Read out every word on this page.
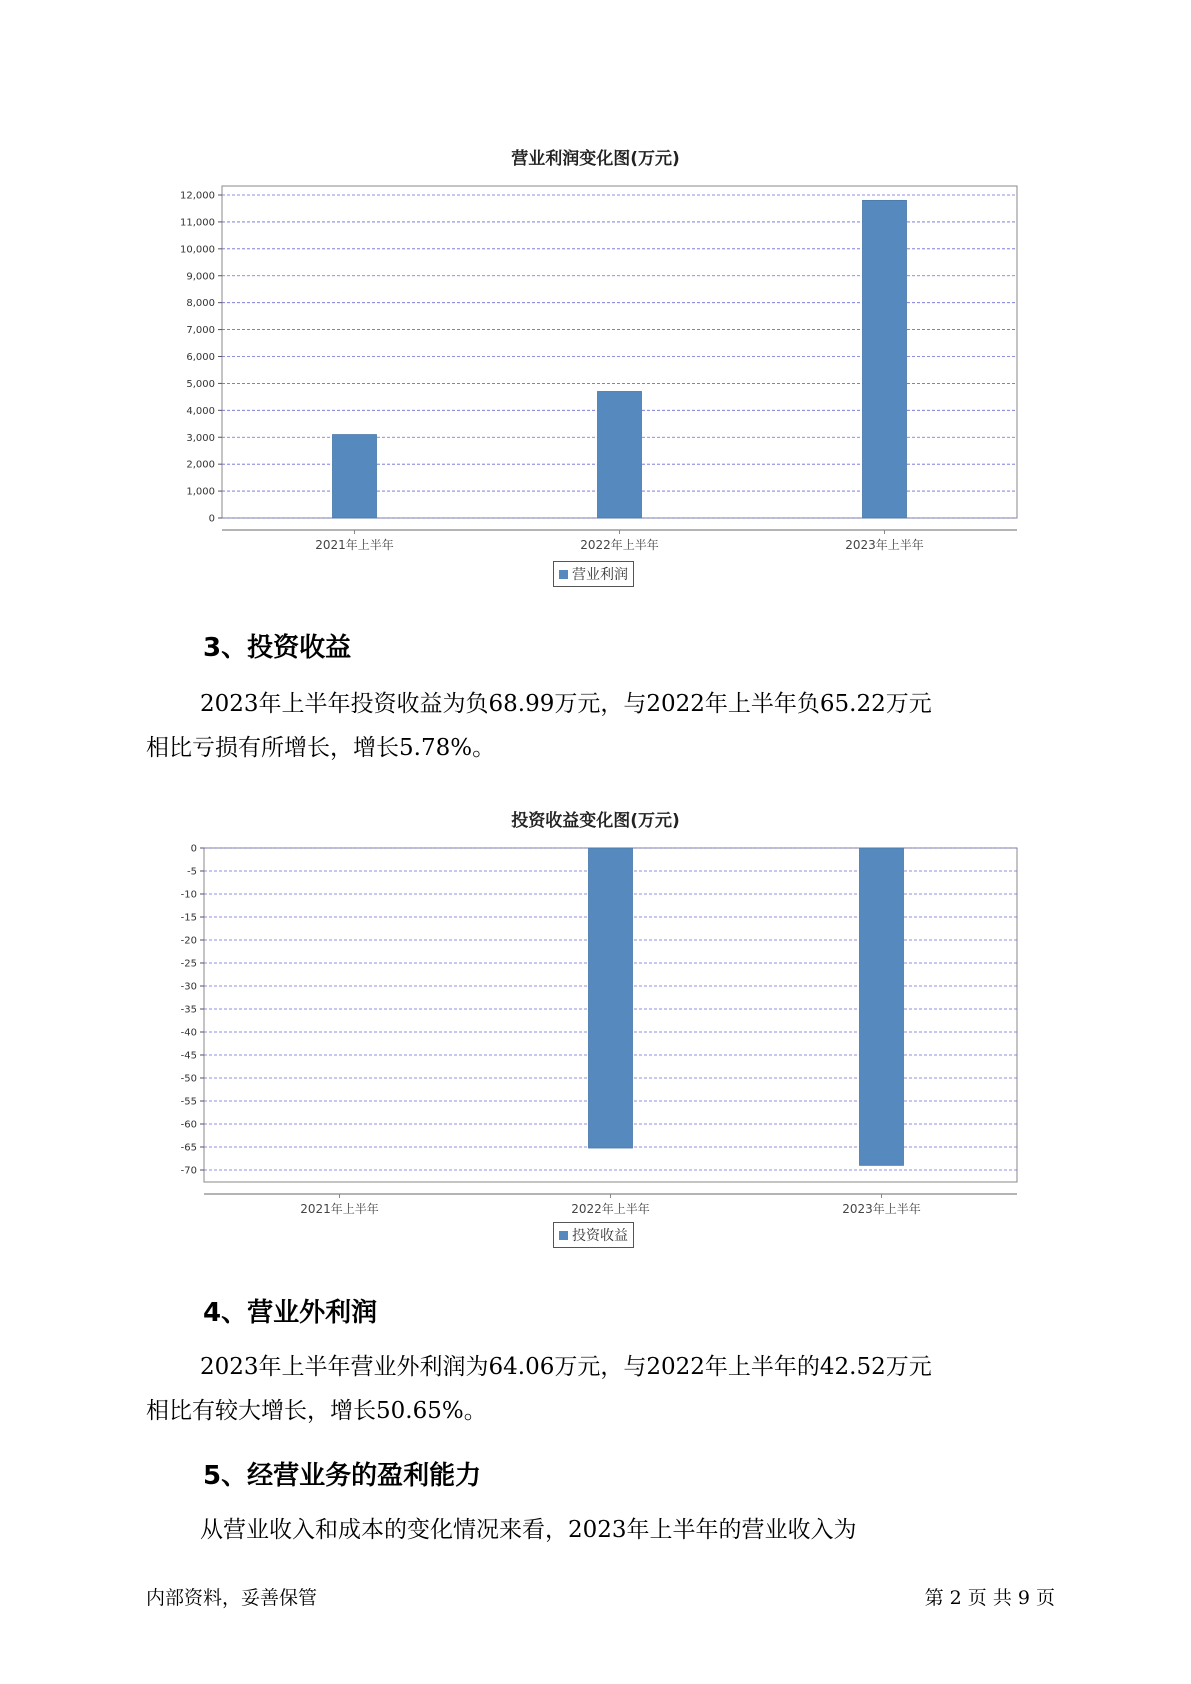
营业利润变化图(万元)
0
1,000
2,000
3,000
4,000
5,000
6,000
7,000
8,000
9,000
10,000
11,000
12,000
2021年上半年	2022年上半年	2023年上半年
营业利润
3、投资收益
2023年上半年投资收益为负68.99万元，与2022年上半年负65.22万元
相比亏损有所增长，增长5.78%。
投资收益变化图(万元)
0
-5
-10
-15
-20
-25
-30
-35
-40
-45
-50
-55
-60
-65
-70
2021年上半年	2022年上半年	2023年上半年
投资收益
4、营业外利润
2023年上半年营业外利润为64.06万元，与2022年上半年的42.52万元
相比有较大增长，增长50.65%。
5、经营业务的盈利能力
从营业收入和成本的变化情况来看，2023年上半年的营业收入为
内部资料，妥善保管	第 2 页 共 9 页
